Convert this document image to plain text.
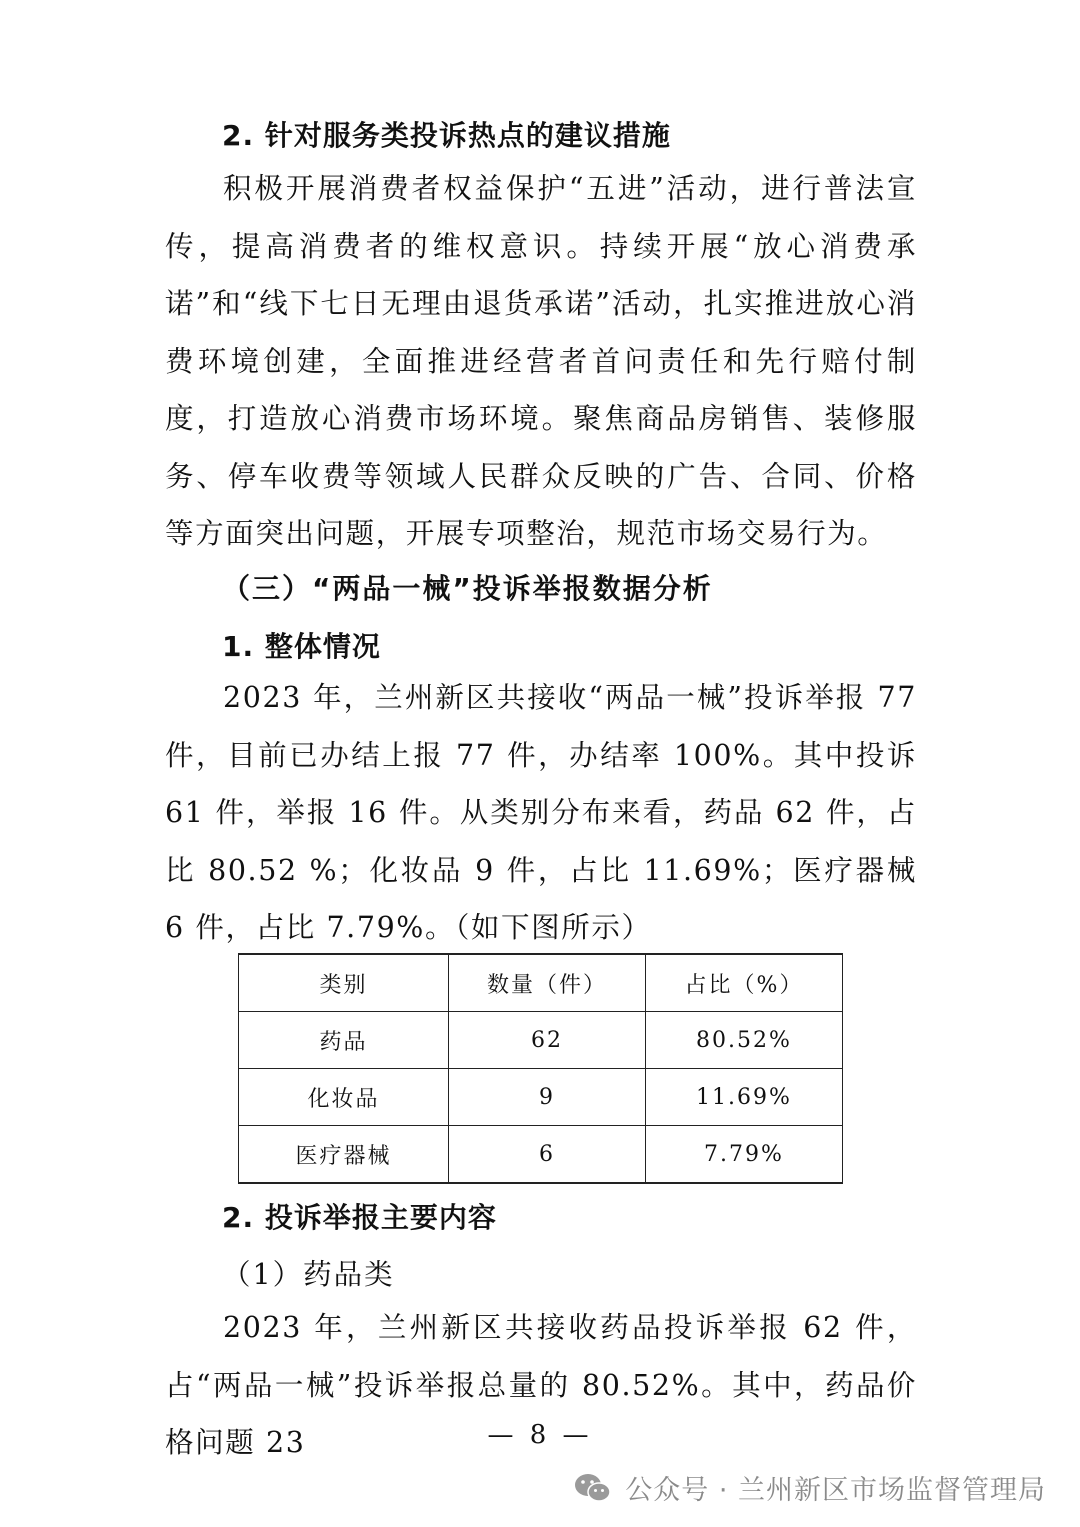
2. 针对服务类投诉热点的建议措施

积极开展消费者权益保护“五进”活动，进行普法宣传，提高消费者的维权意识。持续开展“放心消费承诺”和“线下七日无理由退货承诺”活动，扎实推进放心消费环境创建，全面推进经营者首问责任和先行赔付制度，打造放心消费市场环境。聚焦商品房销售、装修服务、停车收费等领域人民群众反映的广告、合同、价格等方面突出问题，开展专项整治，规范市场交易行为。

（三）“两品一械”投诉举报数据分析
1. 整体情况

2023 年，兰州新区共接收“两品一械”投诉举报 77 件，目前已办结上报 77 件，办结率 100%。其中投诉 61 件，举报 16 件。从类别分布来看，药品 62 件，占比 80.52 %；化妆品 9 件，占比 11.69%；医疗器械 6 件，占比 7.79%。（如下图所示）

类别	数量（件）	占比（%）
药品	62	80.52%
化妆品	9	11.69%
医疗器械	6	7.79%
2. 投诉举报主要内容
（1）药品类

2023 年，兰州新区共接收药品投诉举报 62 件，占“两品一械”投诉举报总量的 80.52%。其中，药品价格问题 23	— 8 —
公众号 · 兰州新区市场监督管理局
